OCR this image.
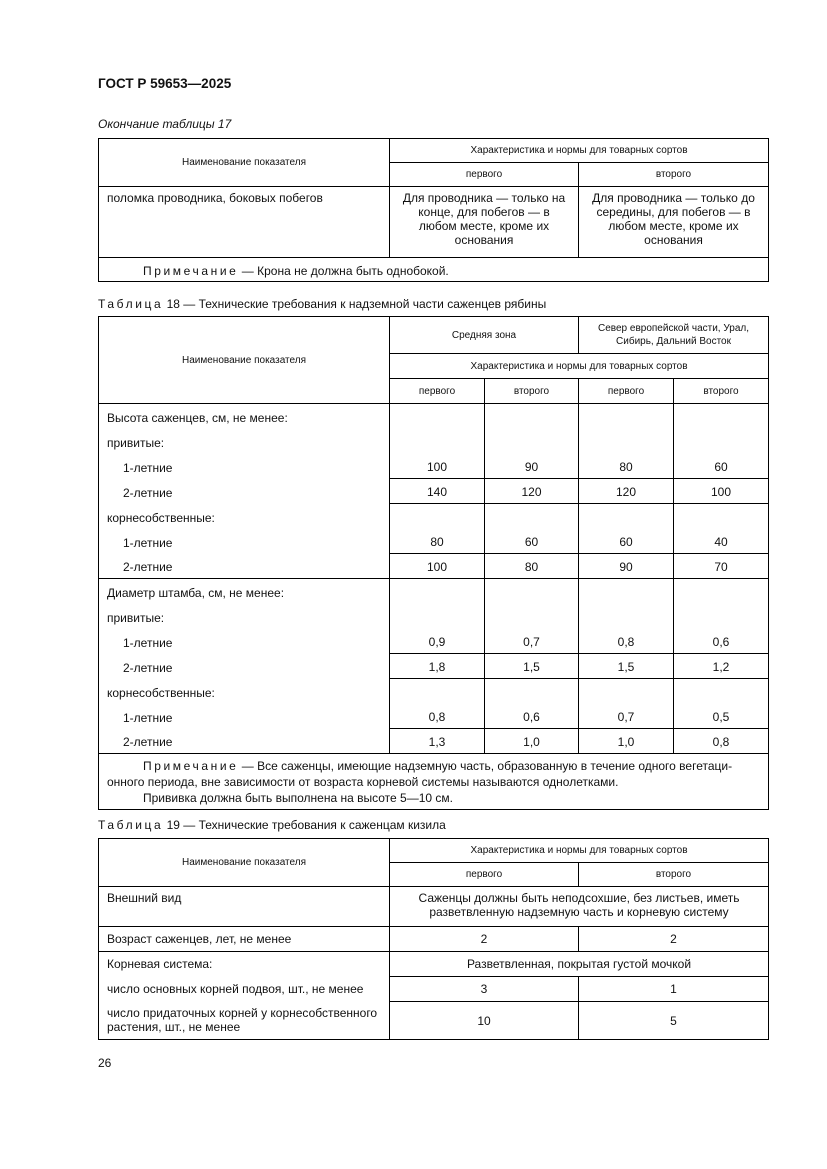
ГОСТ Р 59653—2025
Окончание таблицы 17
Наименование показателя	Характеристика и нормы для товарных сортов	
	первого	второго
поломка проводника, боковых побегов	Для проводника — только на конце, для побегов — в любом месте, кроме их основания	Для проводника — только до середины, для побегов — в любом месте, кроме их основания
Примечание — Крона не должна быть однобокой.		
Таблица 18 — Технические требования к надземной части саженцев рябины
Наименование показателя	Средняя зона		Север европейской части, Урал, Сибирь, Дальний Восток	
	Характеристика и нормы для товарных сортов			
	первого	второго	первого	второго
Высота саженцев, см, не менее:				
привитые:				
1-летние	100	90	80	60
2-летние	140	120	120	100
корнесобственные:				
1-летние	80	60	60	40
2-летние	100	80	90	70
Диаметр штамба, см, не менее:				
привитые:				
1-летние	0,9	0,7	0,8	0,6
2-летние	1,8	1,5	1,5	1,2
корнесобственные:				
1-летние	0,8	0,6	0,7	0,5
2-летние	1,3	1,0	1,0	0,8

Примечание — Все саженцы, имеющие надземную часть, образованную в течение одного вегетационного периода, вне зависимости от возраста корневой системы называются однолетками.
Прививка должна быть выполнена на высоте 5—10 см.				
Таблица 19 — Технические требования к саженцам кизила
Наименование показателя	Характеристика и нормы для товарных сортов	
	первого	второго
Внешний вид	Саженцы должны быть неподсохшие, без листьев, иметь разветвленную надземную часть и корневую систему	
Возраст саженцев, лет, не менее	2	2
Корневая система:	Разветвленная, покрытая густой мочкой	
число основных корней подвоя, шт., не менее	3	1
число придаточных корней у корнесобственного растения, шт., не менее	10	5
26
